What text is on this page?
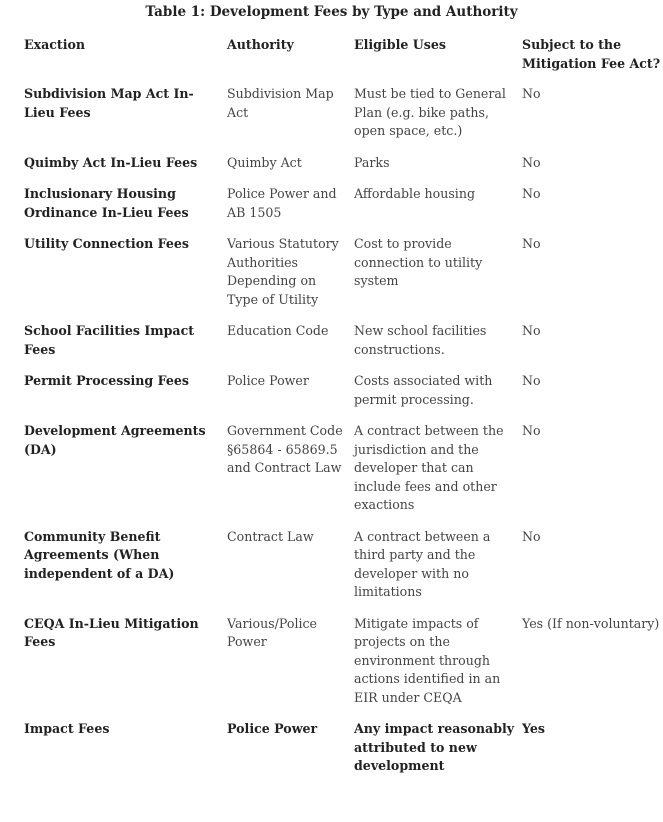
Table 1: Development Fees by Type and Authority
Exaction	Authority	Eligible Uses	Subject to the
Mitigation Fee Act?
Subdivision Map Act In-Lieu Fees	Subdivision Map Act	Must be tied to General Plan (e.g. bike paths, open space, etc.)	No
Quimby Act In-Lieu Fees	Quimby Act	Parks	No
Inclusionary Housing Ordinance In-Lieu Fees	Police Power and AB 1505	Affordable housing	No
Utility Connection Fees	Various Statutory Authorities Depending on Type of Utility	Cost to provide connection to utility system	No
School Facilities Impact Fees	Education Code	New school facilities constructions.	No
Permit Processing Fees	Police Power	Costs associated with permit processing.	No
Development Agreements (DA)	Government Code §65864 - 65869.5 and Contract Law	A contract between the jurisdiction and the developer that can include fees and other exactions	No
Community Benefit Agreements (When independent of a DA)	Contract Law	A contract between a third party and the developer with no limitations	No
CEQA In-Lieu Mitigation Fees	Various/Police Power	Mitigate impacts of projects on the environment through actions identified in an EIR under CEQA	Yes (If non-voluntary)
Impact Fees	Police Power	Any impact reasonably attributed to new development	Yes
